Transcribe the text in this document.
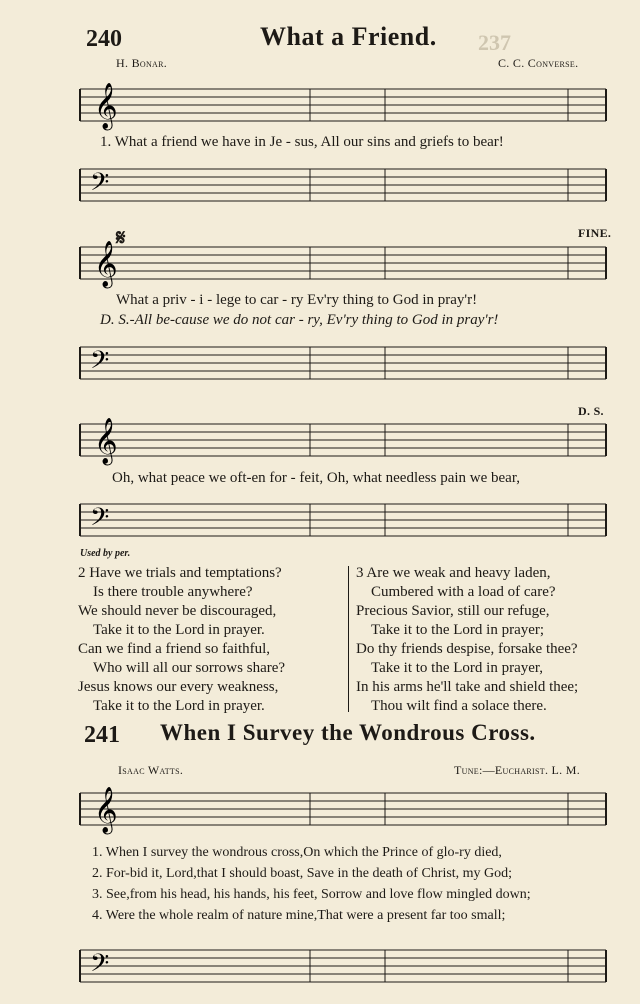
237
240	What a Friend.
H. Bonar.	C. C. Converse.
𝄞
1. What a friend we have in Je - sus, All our sins and griefs to bear!
𝄢
𝄋	FINE.
𝄞
What a priv - i - lege to car - ry Ev'ry thing to God in pray'r!
D. S.-All be-cause we do not car - ry, Ev'ry thing to God in pray'r!
𝄢
D. S.
𝄞
Oh, what peace we oft-en for - feit, Oh, what needless pain we bear,
𝄢
Used by per.
2 Have we trials and temptations?
Is there trouble anywhere?
We should never be discouraged,
Take it to the Lord in prayer.
Can we find a friend so faithful,
Who will all our sorrows share?
Jesus knows our every weakness,
Take it to the Lord in prayer.
3 Are we weak and heavy laden,
Cumbered with a load of care?
Precious Savior, still our refuge,
Take it to the Lord in prayer;
Do thy friends despise, forsake thee?
Take it to the Lord in prayer,
In his arms he'll take and shield thee;
Thou wilt find a solace there.
241 When I Survey the Wondrous Cross.
Isaac Watts.	Tune:—Eucharist. L. M.
𝄞
1. When I survey the wondrous cross,On which the Prince of glo-ry died,
2. For-bid it, Lord,that I should boast, Save in the death of Christ, my God;
3. See,from his head, his hands, his feet, Sorrow and love flow mingled down;
4. Were the whole realm of nature mine,That were a present far too small;
𝄢
